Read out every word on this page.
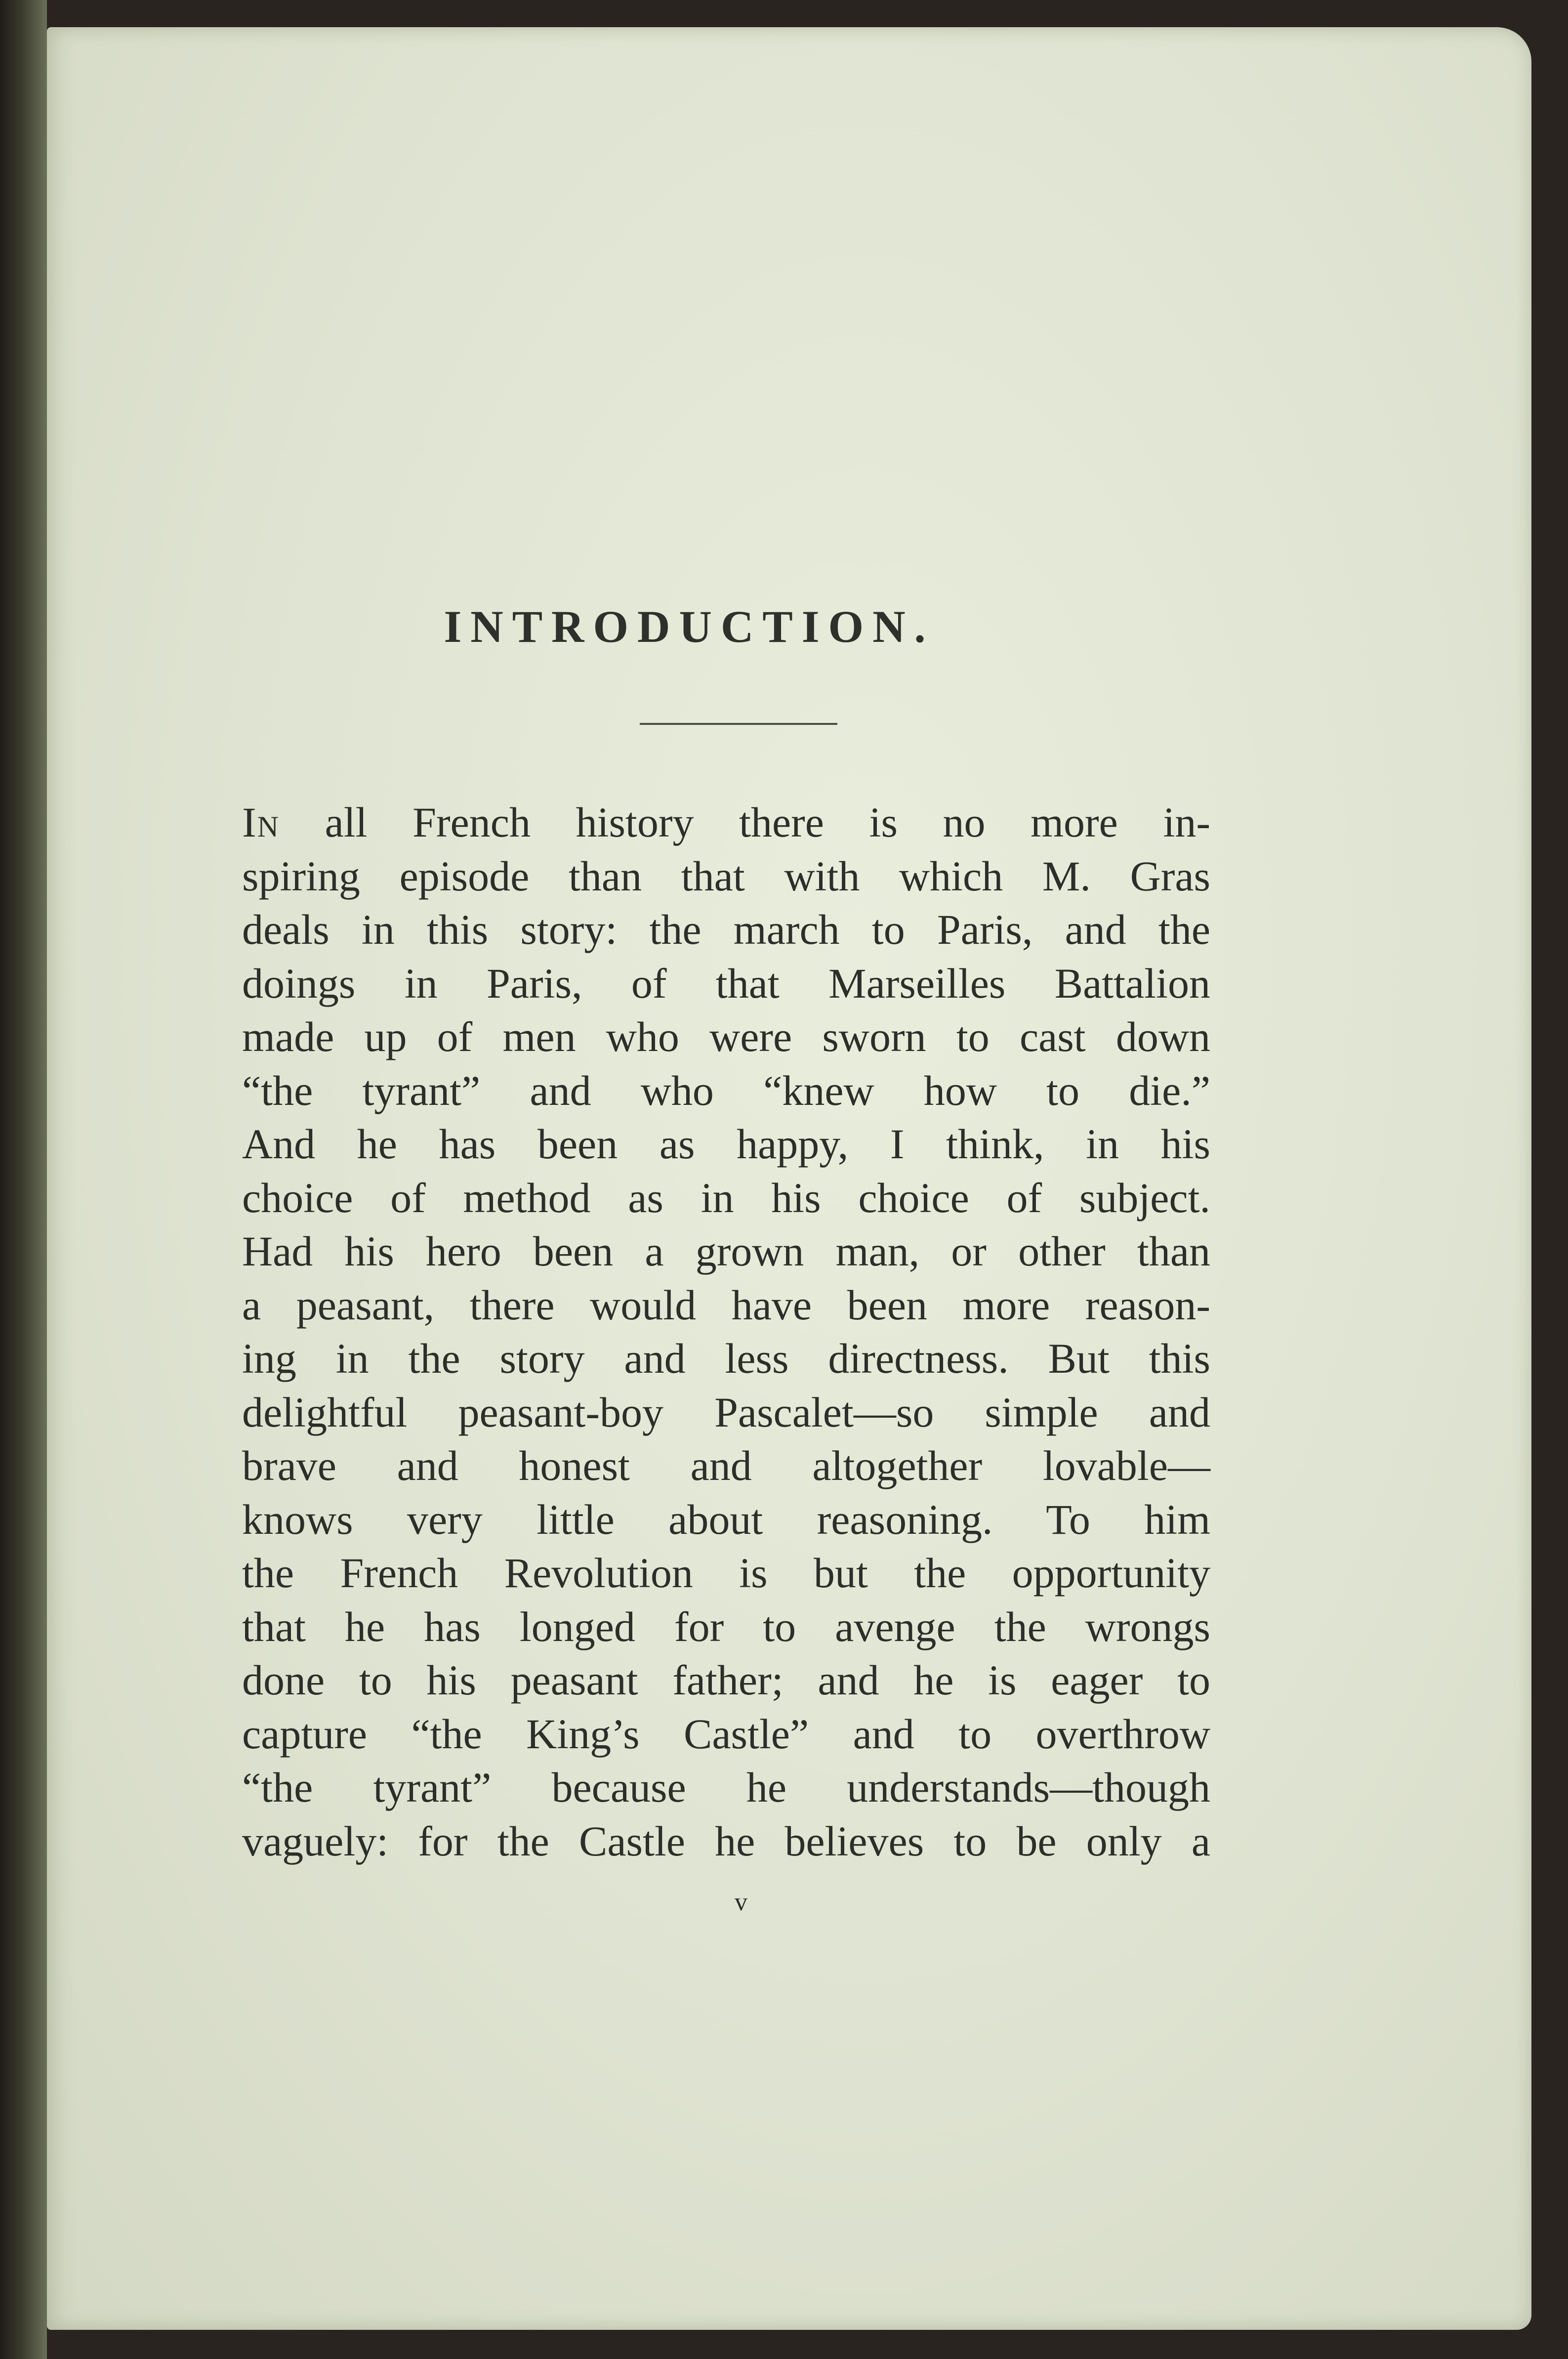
INTRODUCTION.
In all French history there is no more in-
spiring episode than that with which M. Gras
deals in this story: the march to Paris, and the
doings in Paris, of that Marseilles Battalion
made up of men who were sworn to cast down
“the tyrant” and who “knew how to die.”
And he has been as happy, I think, in his
choice of method as in his choice of subject.
Had his hero been a grown man, or other than
a peasant, there would have been more reason-
ing in the story and less directness. But this
delightful peasant-boy Pascalet—so simple and
brave and honest and altogether lovable—
knows very little about reasoning. To him
the French Revolution is but the opportunity
that he has longed for to avenge the wrongs
done to his peasant father; and he is eager to
capture “the King’s Castle” and to overthrow
“the tyrant” because he understands—though
vaguely: for the Castle he believes to be only a

v
